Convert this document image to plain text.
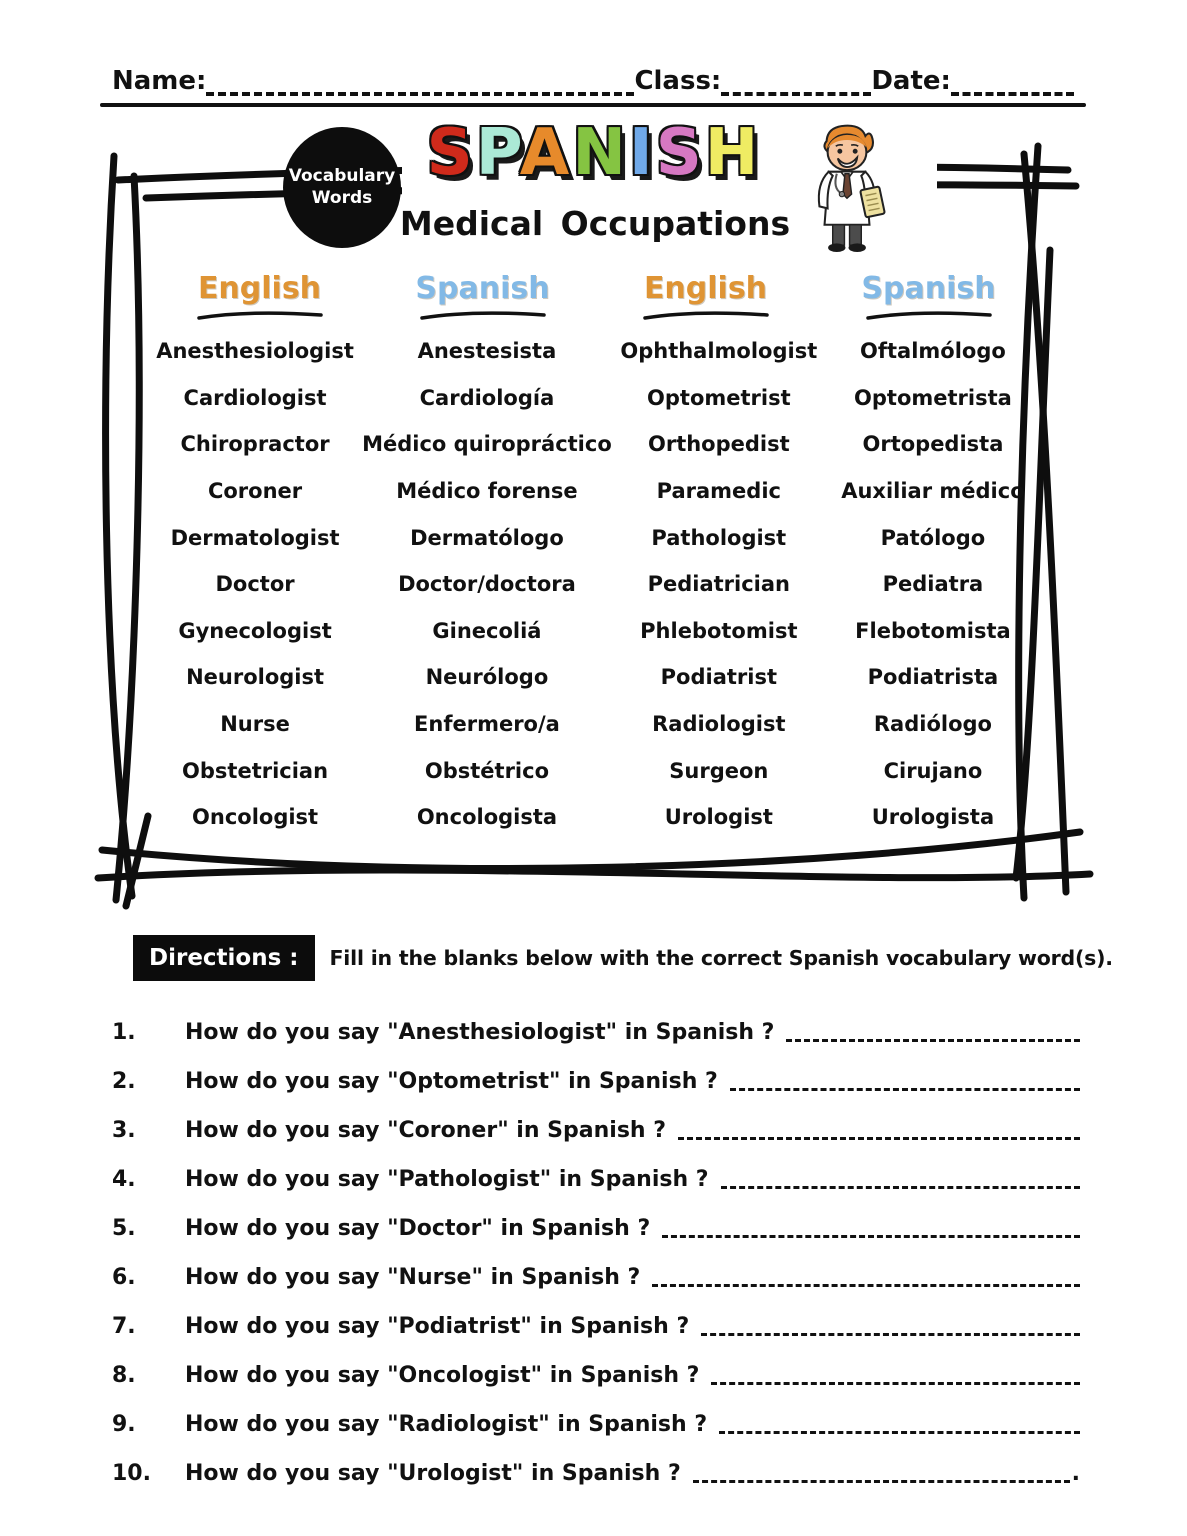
Name:	Class:	Date:
Vocabulary
Words
SPANISH
Medical Occupations
English	Spanish	English	Spanish
Anesthesiologist	Anestesista	Ophthalmologist	Oftalmólogo
Cardiologist	Cardiología	Optometrist	Optometrista
Chiropractor	Médico quiropráctico	Orthopedist	Ortopedista
Coroner	Médico forense	Paramedic	Auxiliar médico
Dermatologist	Dermatólogo	Pathologist	Patólogo
Doctor	Doctor/doctora	Pediatrician	Pediatra
Gynecologist	Ginecoliá	Phlebotomist	Flebotomista
Neurologist	Neurólogo	Podiatrist	Podiatrista
Nurse	Enfermero/a	Radiologist	Radiólogo
Obstetrician	Obstétrico	Surgeon	Cirujano
Oncologist	Oncologista	Urologist	Urologista
Directions :	Fill in the blanks below with the correct Spanish vocabulary word(s).
1.	How do you say "Anesthesiologist" in Spanish ?
2.	How do you say "Optometrist" in Spanish ?
3.	How do you say "Coroner" in Spanish ?
4.	How do you say "Pathologist" in Spanish ?
5.	How do you say "Doctor" in Spanish ?
6.	How do you say "Nurse" in Spanish ?
7.	How do you say "Podiatrist" in Spanish ?
8.	How do you say "Oncologist" in Spanish ?
9.	How do you say "Radiologist" in Spanish ?
10.	How do you say "Urologist" in Spanish ?	.
